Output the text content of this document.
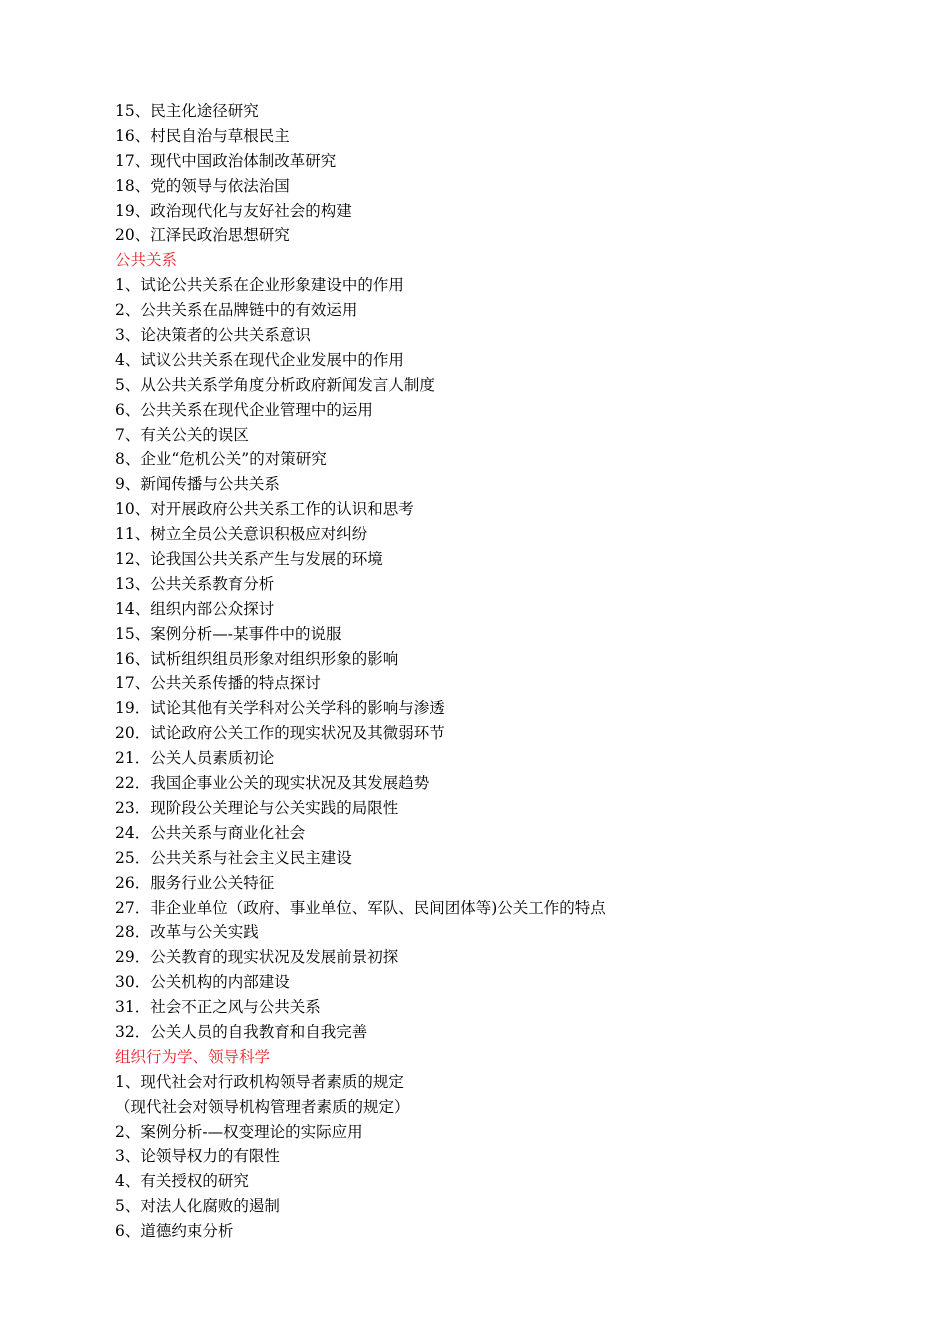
15、民主化途径研究
16、村民自治与草根民主
17、现代中国政治体制改革研究
18、党的领导与依法治国
19、政治现代化与友好社会的构建
20、江泽民政治思想研究
公共关系
1、试论公共关系在企业形象建设中的作用
2、公共关系在品牌链中的有效运用
3、论决策者的公共关系意识
4、试议公共关系在现代企业发展中的作用
5、从公共关系学角度分析政府新闻发言人制度
6、公共关系在现代企业管理中的运用
7、有关公关的误区
8、企业“危机公关”的对策研究
9、新闻传播与公共关系
10、对开展政府公共关系工作的认识和思考
11、树立全员公关意识积极应对纠纷
12、论我国公共关系产生与发展的环境
13、公共关系教育分析
14、组织内部公众探讨
15、案例分析—-某事件中的说服
16、试析组织组员形象对组织形象的影响
17、公共关系传播的特点探讨
19．试论其他有关学科对公关学科的影响与渗透
20．试论政府公关工作的现实状况及其微弱环节
21．公关人员素质初论
22．我国企事业公关的现实状况及其发展趋势
23．现阶段公关理论与公关实践的局限性
24．公共关系与商业化社会
25．公共关系与社会主义民主建设
26．服务行业公关特征
27．非企业单位（政府、事业单位、军队、民间团体等)公关工作的特点
28．改革与公关实践
29．公关教育的现实状况及发展前景初探
30．公关机构的内部建设
31．社会不正之风与公共关系
32．公关人员的自我教育和自我完善
组织行为学、领导科学
1、现代社会对行政机构领导者素质的规定
（现代社会对领导机构管理者素质的规定）
2、案例分析-—权变理论的实际应用
3、论领导权力的有限性
4、有关授权的研究
5、对法人化腐败的遏制
6、道德约束分析
